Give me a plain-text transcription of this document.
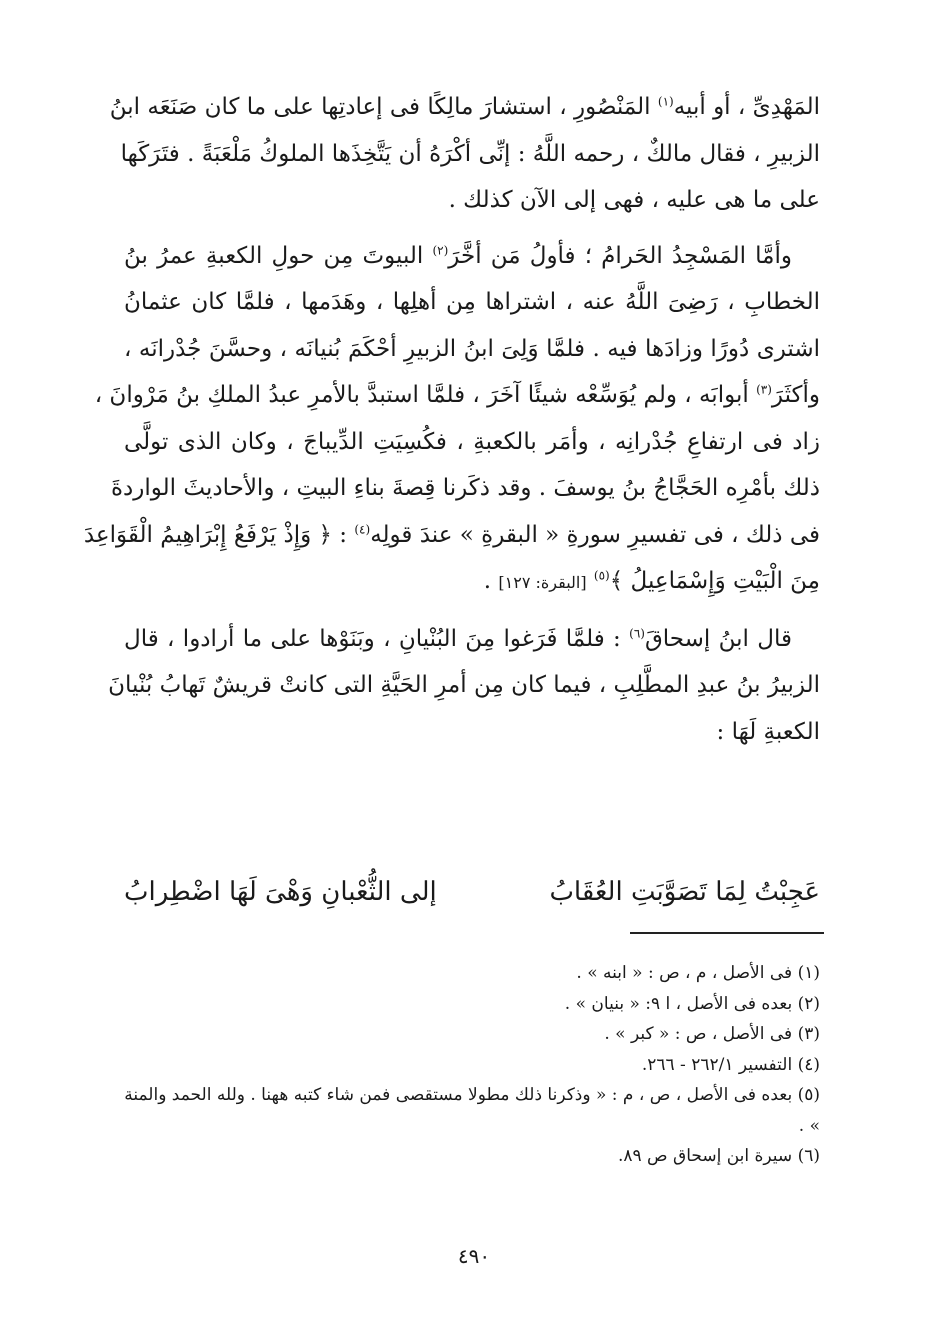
المَهْدِىِّ ، أو أبيه$^{(١)}$ المَنْصُورِ ، استشارَ مالِكًا فى إعادتِها على ما كان صَنَعَه ابنُ
الزبيرِ ، فقال مالكٌ ، رحمه اللَّهُ : إنِّى أكْرَهُ أن يَتَّخِذَها الملوكُ مَلْعَبَةً . فتَرَكَها
على ما هى عليه ، فهى إلى الآن كذلك .

وأمَّا المَسْجِدُ الحَرامُ ؛ فأولُ مَن أخَّرَ$^{(٢)}$ البيوتَ مِن حولِ الكعبةِ عمرُ بنُ
الخطابِ ، رَضِىَ اللَّهُ عنه ، اشتراها مِن أهلِها ، وهَدَمها ، فلمَّا كان عثمانُ
اشترى دُورًا وزادَها فيه . فلمَّا وَلِىَ ابنُ الزبيرِ أحْكَمَ بُنيانَه ، وحسَّنَ جُدْرانَه ،
وأكثَرَ$^{(٣)}$ أبوابَه ، ولم يُوَسِّعْه شيئًا آخَرَ ، فلمَّا استبدَّ بالأمرِ عبدُ الملكِ بنُ مَرْوانَ ،
زاد فى ارتفاعِ جُدْرانِه ، وأمَر بالكعبةِ ، فكُسِيَتِ الدِّيباجَ ، وكان الذى تولَّى
ذلك بأمْرِه الحَجَّاجُ بنُ يوسفَ . وقد ذكَرنا قِصةَ بناءِ البيتِ ، والأحاديثَ الواردةَ
فى ذلك ، فى تفسيرِ سورةِ « البقرةِ » عندَ قولِه$^{(٤)}$ : ﴿ وَإِذْ يَرْفَعُ إِبْرَاهِيمُ الْقَوَاعِدَ
مِنَ الْبَيْتِ وَإِسْمَاعِيلُ ﴾$^{(٥)}$ [البقرة: ١٢٧] .

قال ابنُ إسحاقَ$^{(٦)}$ : فلمَّا فَرَغوا مِنَ البُنْيانِ ، وبَنَوْها على ما أرادوا ، قال
الزبيرُ بنُ عبدِ المطَّلِبِ ، فيما كان مِن أمرِ الحَيَّةِ التى كانتْ قريشٌ تَهابُ بُنْيانَ
الكعبةِ لَهَا :

عَجِبْتُ لِمَا تَصَوَّبَتِ العُقَابُ
إلى الثُّعْبانِ وَهْىَ لَهَا اضْطِرابُ

(١) فى الأصل ، م ، ص : « ابنه » .

(٢) بعده فى الأصل ، ا ٩: « بنيان » .

(٣) فى الأصل ، ص : « كبر » .

(٤) التفسير ٢٦٢/١ - ٢٦٦.

(٥) بعده فى الأصل ، ص ، م : « وذكرنا ذلك مطولا مستقصى فمن شاء كتبه ههنا . ولله الحمد والمنة » .

(٦) سيرة ابن إسحاق ص ٨٩.

٤٩٠
